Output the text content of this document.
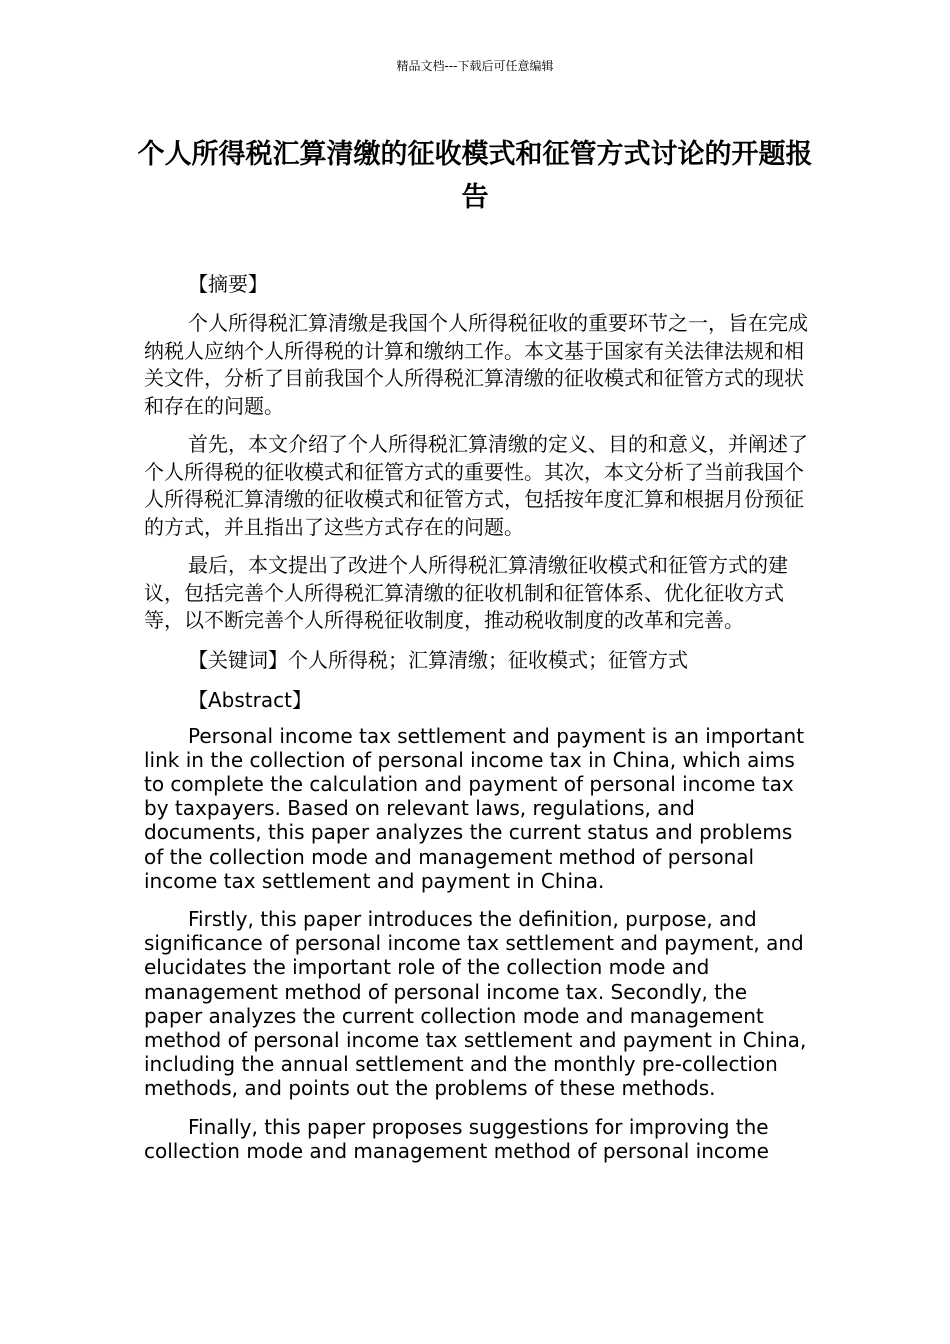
精品文档---下载后可任意编辑
个人所得税汇算清缴的征收模式和征管方式讨论的开题报告

【摘要】

个人所得税汇算清缴是我国个人所得税征收的重要环节之一，旨在完成纳税人应纳个人所得税的计算和缴纳工作。本文基于国家有关法律法规和相关文件，分析了目前我国个人所得税汇算清缴的征收模式和征管方式的现状和存在的问题。

首先，本文介绍了个人所得税汇算清缴的定义、目的和意义，并阐述了个人所得税的征收模式和征管方式的重要性。其次，本文分析了当前我国个人所得税汇算清缴的征收模式和征管方式，包括按年度汇算和根据月份预征的方式，并且指出了这些方式存在的问题。

最后，本文提出了改进个人所得税汇算清缴征收模式和征管方式的建议，包括完善个人所得税汇算清缴的征收机制和征管体系、优化征收方式等，以不断完善个人所得税征收制度，推动税收制度的改革和完善。

【关键词】个人所得税；汇算清缴；征收模式；征管方式

【Abstract】

Personal income tax settlement and payment is an important link in the collection of personal income tax in China, which aims to complete the calculation and payment of personal income tax by taxpayers. Based on relevant laws, regulations, and documents, this paper analyzes the current status and problems of the collection mode and management method of personal income tax settlement and payment in China.

Firstly, this paper introduces the definition, purpose, and significance of personal income tax settlement and payment, and elucidates the important role of the collection mode and management method of personal income tax. Secondly, the paper analyzes the current collection mode and management method of personal income tax settlement and payment in China, including the annual settlement and the monthly pre-collection methods, and points out the problems of these methods.

Finally, this paper proposes suggestions for improving the collection mode and management method of personal income
